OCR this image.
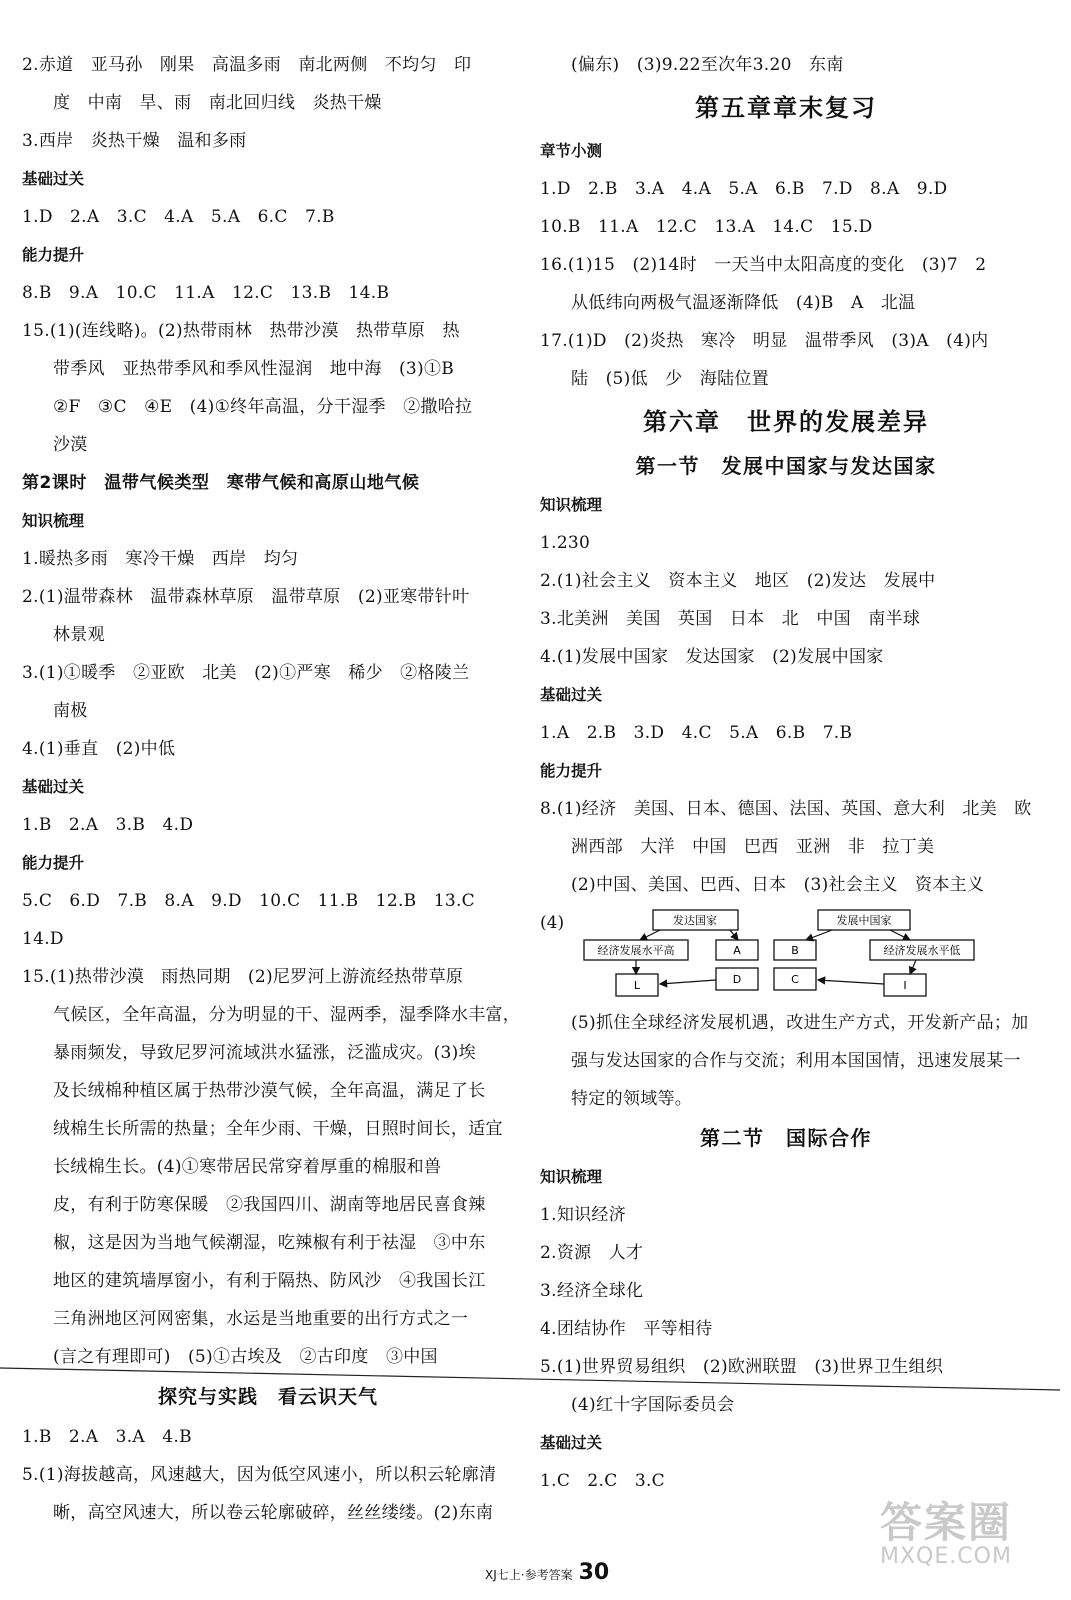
2.赤道　亚马孙　刚果　高温多雨　南北两侧　不均匀　印
度　中南　旱、雨　南北回归线　炎热干燥
3.西岸　炎热干燥　温和多雨
基础过关
1.D　2.A　3.C　4.A　5.A　6.C　7.B
能力提升
8.B　9.A　10.C　11.A　12.C　13.B　14.B
15.(1)(连线略)。(2)热带雨林　热带沙漠　热带草原　热
带季风　亚热带季风和季风性湿润　地中海　(3)①B
②F　③C　④E　(4)①终年高温，分干湿季　②撒哈拉
沙漠
第2课时　温带气候类型　寒带气候和高原山地气候
知识梳理
1.暖热多雨　寒冷干燥　西岸　均匀
2.(1)温带森林　温带森林草原　温带草原　(2)亚寒带针叶
林景观
3.(1)①暖季　②亚欧　北美　(2)①严寒　稀少　②格陵兰
南极
4.(1)垂直　(2)中低
基础过关
1.B　2.A　3.B　4.D
能力提升
5.C　6.D　7.B　8.A　9.D　10.C　11.B　12.B　13.C
14.D
15.(1)热带沙漠　雨热同期　(2)尼罗河上游流经热带草原
气候区，全年高温，分为明显的干、湿两季，湿季降水丰富，
暴雨频发，导致尼罗河流域洪水猛涨，泛滥成灾。(3)埃
及长绒棉种植区属于热带沙漠气候，全年高温，满足了长
绒棉生长所需的热量；全年少雨、干燥，日照时间长，适宜
长绒棉生长。(4)①寒带居民常穿着厚重的棉服和兽
皮，有利于防寒保暖　②我国四川、湖南等地居民喜食辣
椒，这是因为当地气候潮湿，吃辣椒有利于祛湿　③中东
地区的建筑墙厚窗小，有利于隔热、防风沙　④我国长江
三角洲地区河网密集，水运是当地重要的出行方式之一
(言之有理即可)　(5)①古埃及　②古印度　③中国
探究与实践　看云识天气
1.B　2.A　3.A　4.B
5.(1)海拔越高，风速越大，因为低空风速小，所以积云轮廓清
晰，高空风速大，所以卷云轮廓破碎，丝丝缕缕。(2)东南
(偏东)　(3)9.22至次年3.20　东南
第五章章末复习
章节小测
1.D　2.B　3.A　4.A　5.A　6.B　7.D　8.A　9.D
10.B　11.A　12.C　13.A　14.C　15.D
16.(1)15　(2)14时　一天当中太阳高度的变化　(3)7　2
从低纬向两极气温逐渐降低　(4)B　A　北温
17.(1)D　(2)炎热　寒冷　明显　温带季风　(3)A　(4)内
陆　(5)低　少　海陆位置
第六章　世界的发展差异
第一节　发展中国家与发达国家
知识梳理
1.230
2.(1)社会主义　资本主义　地区　(2)发达　发展中
3.北美洲　美国　英国　日本　北　中国　南半球
4.(1)发展中国家　发达国家　(2)发展中国家
基础过关
1.A　2.B　3.D　4.C　5.A　6.B　7.B
能力提升
8.(1)经济　美国、日本、德国、法国、英国、意大利　北美　欧
洲西部　大洋　中国　巴西　亚洲　非　拉丁美
(2)中国、美国、巴西、日本　(3)社会主义　资本主义
(4)	发达国家
经济发展水平高	A
L	D
发展中国家
B	经济发展水平低
C	I
(5)抓住全球经济发展机遇，改进生产方式，开发新产品；加
强与发达国家的合作与交流；利用本国国情，迅速发展某一
特定的领域等。
第二节　国际合作
知识梳理
1.知识经济
2.资源　人才
3.经济全球化
4.团结协作　平等相待
5.(1)世界贸易组织　(2)欧洲联盟　(3)世界卫生组织
(4)红十字国际委员会
基础过关
1.C　2.C　3.C
XJ七上·参考答案 30
答案圈
MXQE.COM
